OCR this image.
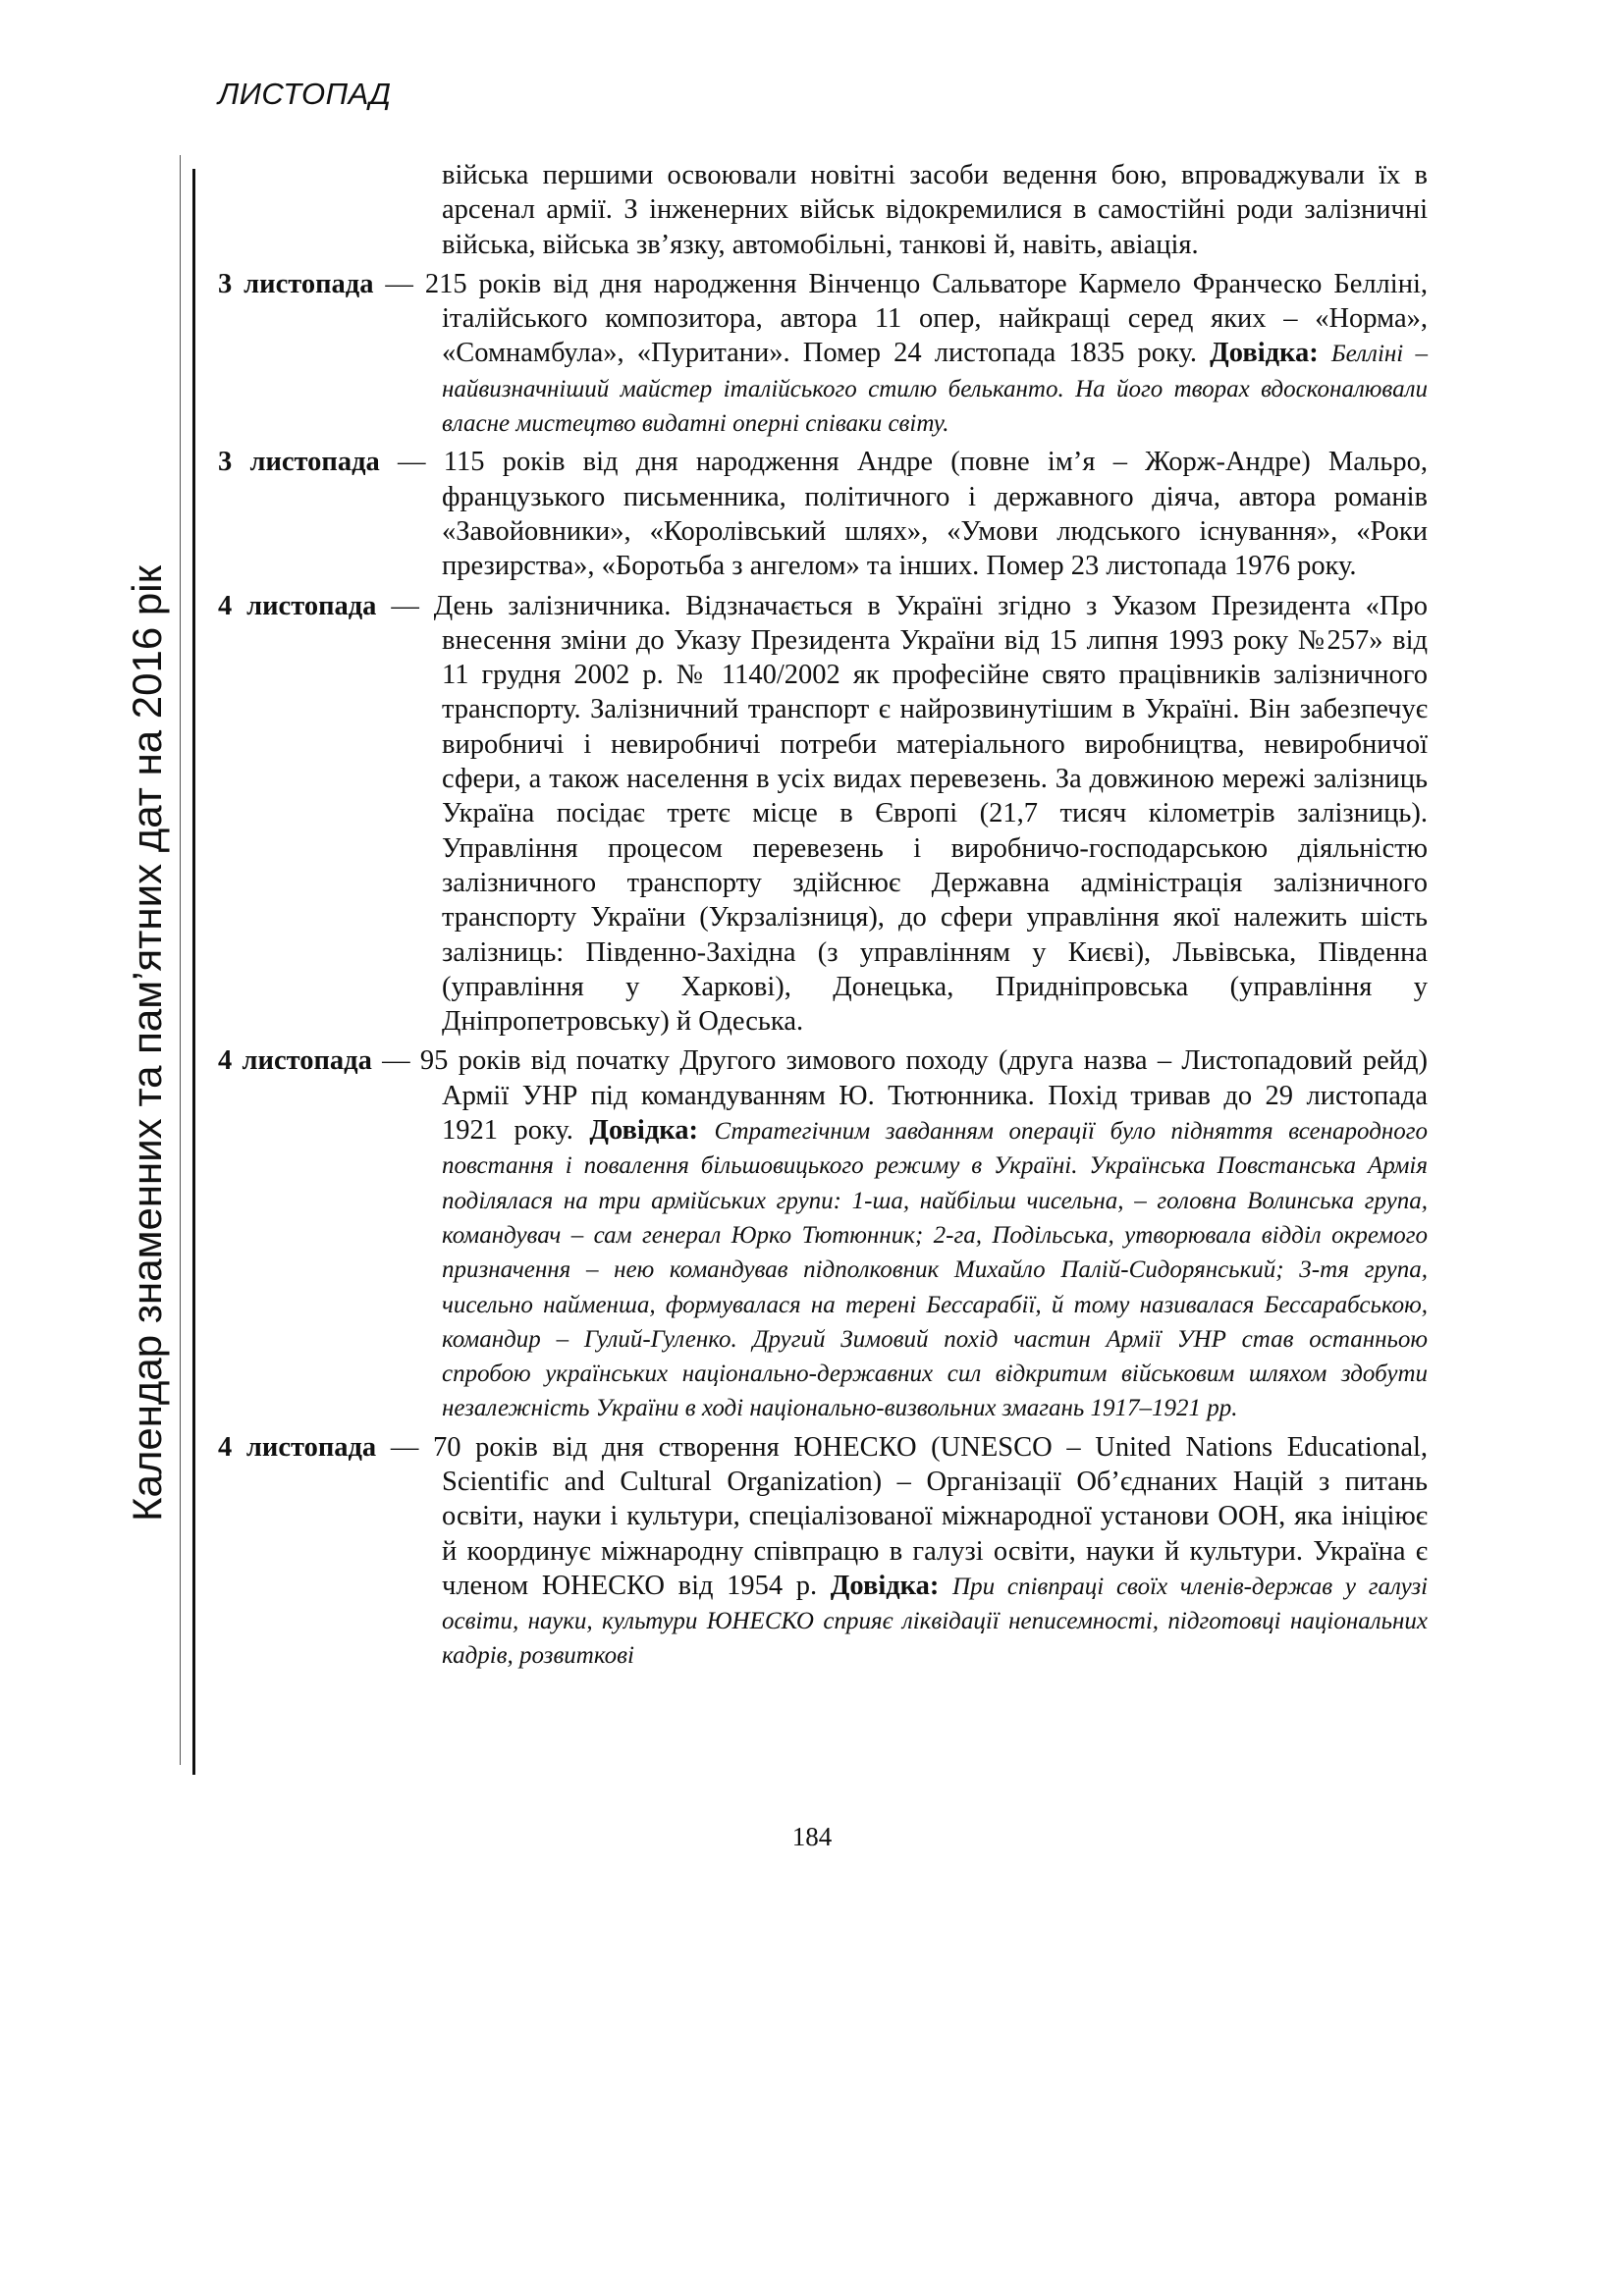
ЛИСТОПАД
Календар знаменних та пам’ятних дат на 2016 рік

війська першими освоювали новітні засоби ведення бою, впроваджували їх в арсенал армії. З інженерних військ відокремилися в самостійні роди залізничні війська, війська зв’язку, автомобільні, танкові й, навіть, авіація.

3 листопада — 215 років від дня народження Вінченцо Сальваторе Кармело Франческо Белліні, італійського композитора, автора 11 опер, найкращі серед яких – «Норма», «Сомнамбула», «Пуритани». Помер 24 листопада 1835 року. Довідка: Белліні – найвизначніший майстер італійського стилю бельканто. На його творах вдосконалювали власне мистецтво видатні оперні співаки світу.

3 листопада — 115 років від дня народження Андре (повне ім’я – Жорж-Андре) Мальро, французького письменника, політичного і державного діяча, автора романів «Завойовники», «Королівський шлях», «Умови людського існування», «Роки презирства», «Боротьба з ангелом» та інших. Помер 23 листопада 1976 року.

4 листопада — День залізничника. Відзначається в Україні згідно з Указом Президента «Про внесення зміни до Указу Президента України від 15 липня 1993 року №257» від 11 грудня 2002 р. № 1140/2002 як професійне свято працівників залізничного транспорту. Залізничний транспорт є найрозвинутішим в Україні. Він забезпечує виробничі і невиробничі потреби матеріального виробництва, невиробничої сфери, а також населення в усіх видах перевезень. За довжиною мережі залізниць Україна посідає третє місце в Європі (21,7 тисяч кілометрів залізниць). Управління процесом перевезень і виробничо-господарською діяльністю залізничного транспорту здійснює Державна адміністрація залізничного транспорту України (Укрзалізниця), до сфери управління якої належить шість залізниць: Південно-Західна (з управлінням у Києві), Львівська, Південна (управління у Харкові), Донецька, Придніпровська (управління у Дніпропетровську) й Одеська.

4 листопада — 95 років від початку Другого зимового походу (друга назва – Листопадовий рейд) Армії УНР під командуванням Ю. Тютюнника. Похід тривав до 29 листопада 1921 року. Довідка: Стратегічним завданням операції було підняття всенародного повстання і повалення більшовицького режиму в Україні. Українська Повстанська Армія поділялася на три армійських групи: 1-ша, найбільш чисельна, – головна Волинська група, командувач – сам генерал Юрко Тютюнник; 2-га, Подільська, утворювала відділ окремого призначення – нею командував підполковник Михайло Палій-Сидорянський; 3-тя група, чисельно найменша, формувалася на терені Бессарабії, й тому називалася Бессарабською, командир – Гулий-Гуленко. Другий Зимовий похід частин Армії УНР став останньою спробою українських національно-державних сил відкритим військовим шляхом здобути незалежність України в ході національно-визвольних змагань 1917–1921 рр.

4 листопада — 70 років від дня створення ЮНЕСКО (UNESCO – United Nations Educational, Scientific and Cultural Organization) – Організації Об’єднаних Націй з питань освіти, науки і культури, спеціалізованої міжнародної установи ООН, яка ініціює й координує міжнародну співпрацю в галузі освіти, науки й культури. Україна є членом ЮНЕСКО від 1954 р. Довідка: При співпраці своїх членів-держав у галузі освіти, науки, культури ЮНЕСКО сприяє ліквідації неписемності, підготовці національних кадрів, розвиткові

184
